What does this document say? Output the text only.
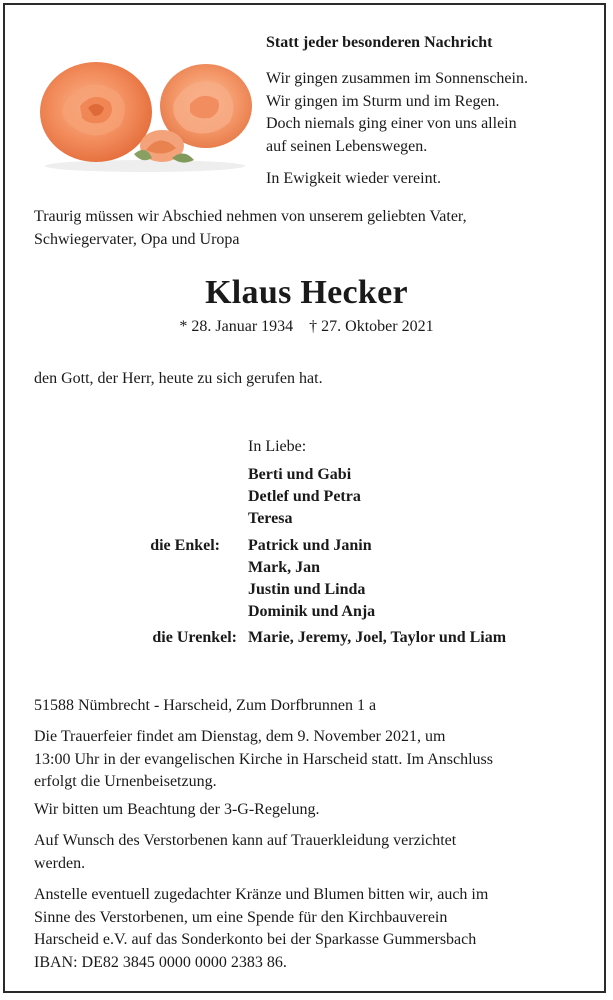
Statt jeder besonderen Nachricht
Wir gingen zusammen im Sonnenschein.
Wir gingen im Sturm und im Regen.
Doch niemals ging einer von uns allein
auf seinen Lebenswegen.
In Ewigkeit wieder vereint.
Traurig müssen wir Abschied nehmen von unserem geliebten Vater,
Schwiegervater, Opa und Uropa
Klaus Hecker
* 28. Januar 1934 † 27. Oktober 2021
den Gott, der Herr, heute zu sich gerufen hat.
In Liebe:
Berti und Gabi
Detlef und Petra
Teresa
die Enkel: Patrick und Janin
Mark, Jan
Justin und Linda
Dominik und Anja
die Urenkel: Marie, Jeremy, Joel, Taylor und Liam
51588 Nümbrecht - Harscheid, Zum Dorfbrunnen 1 a
Die Trauerfeier findet am Dienstag, dem 9. November 2021, um
13:00 Uhr in der evangelischen Kirche in Harscheid statt. Im Anschluss
erfolgt die Urnenbeisetzung.
Wir bitten um Beachtung der 3-G-Regelung.
Auf Wunsch des Verstorbenen kann auf Trauerkleidung verzichtet
werden.
Anstelle eventuell zugedachter Kränze und Blumen bitten wir, auch im
Sinne des Verstorbenen, um eine Spende für den Kirchbauverein
Harscheid e.V. auf das Sonderkonto bei der Sparkasse Gummersbach
IBAN: DE82 3845 0000 0000 2383 86.
